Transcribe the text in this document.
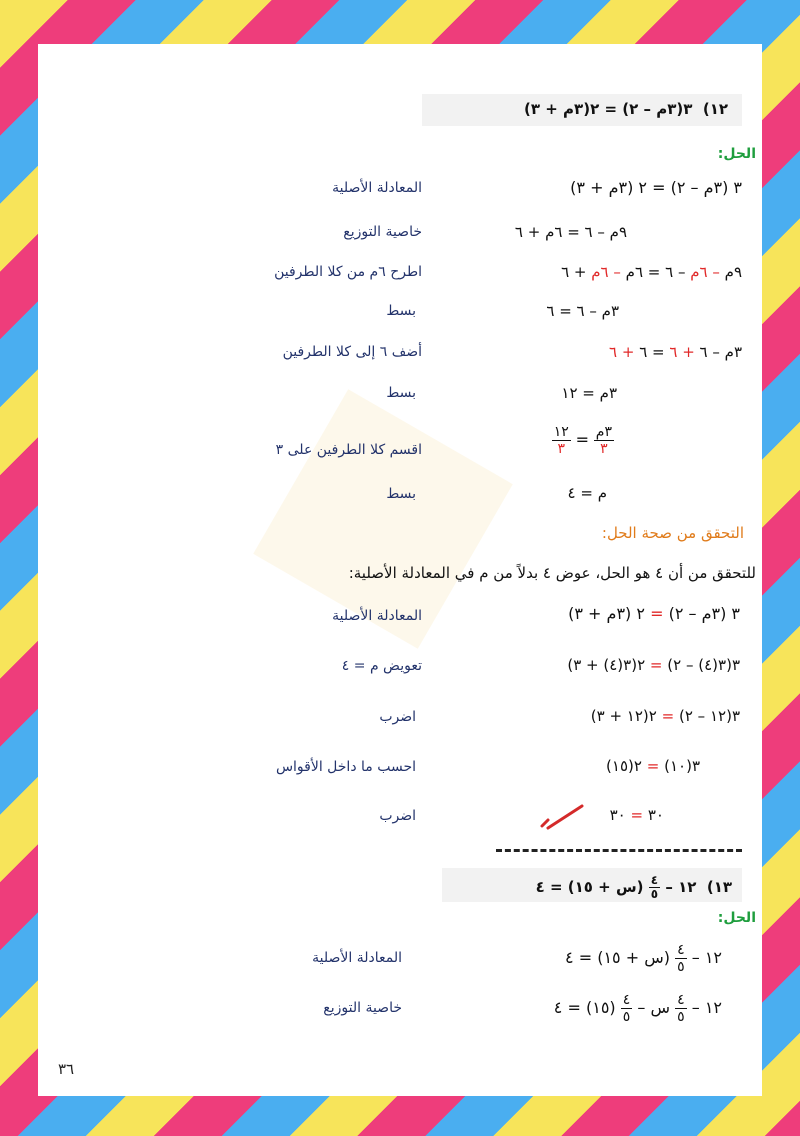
١٢)  ٣(٣م – ٢) = ٢(٣م + ٣)
الحل:
٣ (٣م – ٢) = ٢ (٣م + ٣)
المعادلة الأصلية
٩م – ٦ = ٦م + ٦
خاصية التوزيع
٩م – ٦م – ٦ = ٦م – ٦م + ٦
اطرح ٦م من كلا الطرفين
٣م – ٦ = ٦
بسط
٣م – ٦ + ٦ = ٦ + ٦
أضف ٦ إلى كلا الطرفين
٣م = ١٢
بسط
$\frac{\text{٣م}}{٣}$
=
$\frac{١٢}{٣}$
اقسم كلا الطرفين على ٣
م = ٤
بسط
التحقق من صحة الحل:
للتحقق من أن ٤ هو الحل، عوض ٤ بدلاً من م في المعادلة الأصلية:
٣ (٣م – ٢) = ٢ (٣م + ٣)
المعادلة الأصلية
٣(٣(٤) – ٢) = ٢(٣(٤) + ٣)
تعويض م = ٤
٣(١٢ – ٢) = ٢(١٢ + ٣)
اضرب
٣(١٠) = ٢(١٥)
احسب ما داخل الأقواس
٣٠ = ٣٠
اضرب
١٣)  ١٢ –
$\frac{٤}{٥}$
(س + ١٥) = ٤
الحل:
١٢ –
$\frac{٤}{٥}$
(س + ١٥) = ٤
المعادلة الأصلية
١٢ –
$\frac{٤}{٥}$
س –
$\frac{٤}{٥}$
(١٥) = ٤
خاصية التوزيع
٣٦
